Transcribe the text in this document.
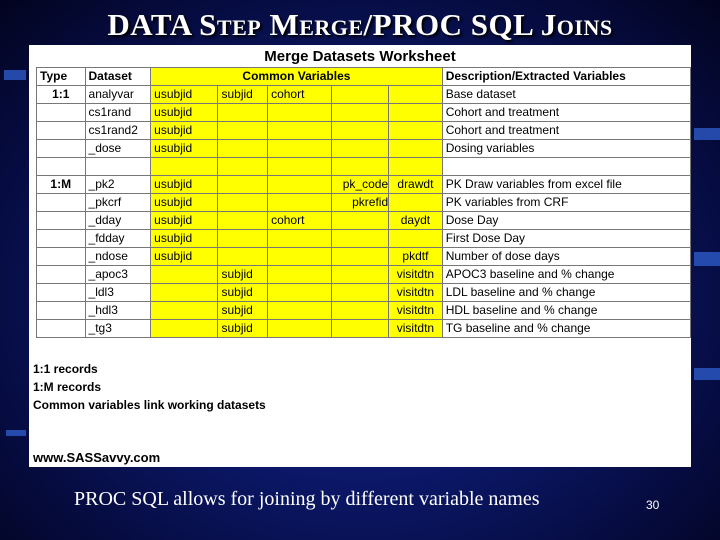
DATA Step Merge/PROC SQL Joins
Merge Datasets Worksheet
Type	Dataset	Common Variables					Description/Extracted Variables
1:1	analyvar	usubjid	subjid	cohort			Base dataset
	cs1rand	usubjid					Cohort and treatment
	cs1rand2	usubjid					Cohort and treatment
	_dose	usubjid					Dosing variables

1:M	_pk2	usubjid			pk_code	drawdt	PK Draw variables from excel file
	_pkcrf	usubjid			pkrefid		PK variables from CRF
	_dday	usubjid		cohort		daydt	Dose Day
	_fdday	usubjid					First Dose Day
	_ndose	usubjid				pkdtf	Number of dose days
	_apoc3		subjid			visitdtn	APOC3 baseline and % change
	_ldl3		subjid			visitdtn	LDL baseline and % change
	_hdl3		subjid			visitdtn	HDL baseline and % change
	_tg3		subjid			visitdtn	TG baseline and % change
1:1 records
1:M records
Common variables link working datasets
www.SASSavvy.com
PROC SQL allows for joining by different variable names	30
